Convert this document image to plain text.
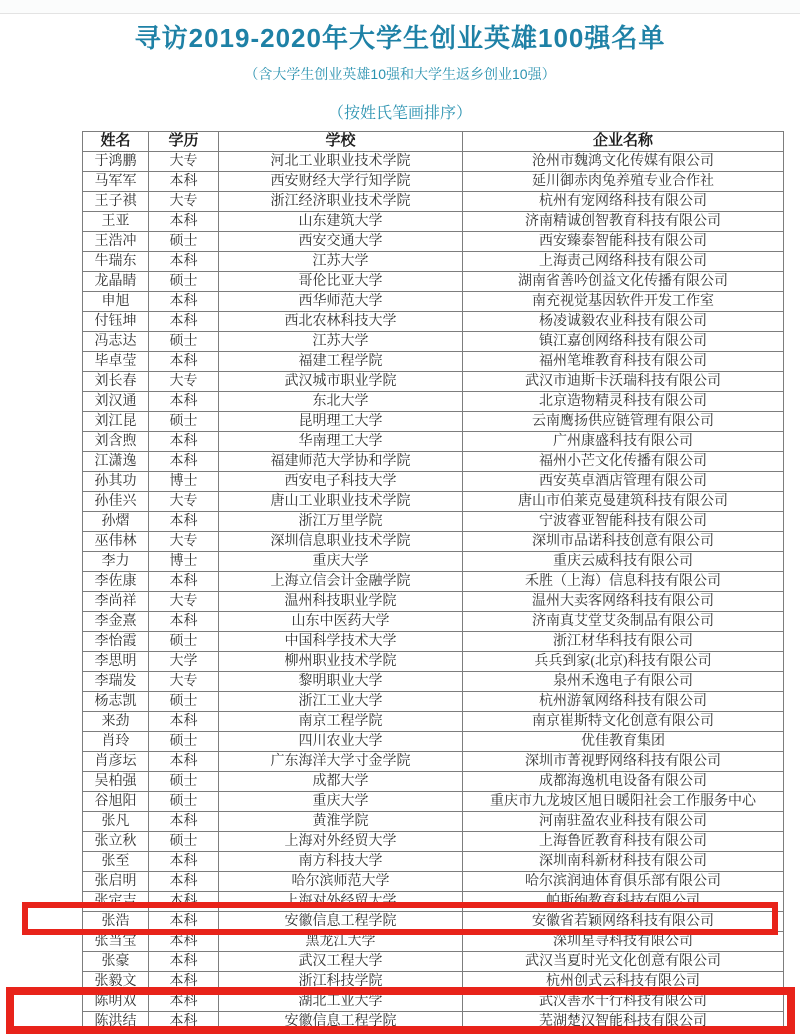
寻访2019-2020年大学生创业英雄100强名单
（含大学生创业英雄10强和大学生返乡创业10强）
（按姓氏笔画排序）
姓名	学历	学校	企业名称
于鸿鹏	大专	河北工业职业技术学院	沧州市魏鸿文化传媒有限公司
马军军	本科	西安财经大学行知学院	延川御赤肉兔养殖专业合作社
王子祺	大专	浙江经济职业技术学院	杭州有宠网络科技有限公司
王亚	本科	山东建筑大学	济南精诚创智教育科技有限公司
王浩冲	硕士	西安交通大学	西安臻泰智能科技有限公司
牛瑞东	本科	江苏大学	上海责己网络科技有限公司
龙晶睛	硕士	哥伦比亚大学	湖南省善吟创益文化传播有限公司
申旭	本科	西华师范大学	南充视觉基因软件开发工作室
付钰坤	本科	西北农林科技大学	杨凌诚毅农业科技有限公司
冯志达	硕士	江苏大学	镇江嘉创网络科技有限公司
毕卓莹	本科	福建工程学院	福州笔堆教育科技有限公司
刘长春	大专	武汉城市职业学院	武汉市迪斯卡沃瑞科技有限公司
刘汉通	本科	东北大学	北京造物精灵科技有限公司
刘江昆	硕士	昆明理工大学	云南鹰扬供应链管理有限公司
刘含煦	本科	华南理工大学	广州康盛科技有限公司
江潇逸	本科	福建师范大学协和学院	福州小芒文化传播有限公司
孙其功	博士	西安电子科技大学	西安英卓酒店管理有限公司
孙佳兴	大专	唐山工业职业技术学院	唐山市伯莱克曼建筑科技有限公司
孙熠	本科	浙江万里学院	宁波睿亚智能科技有限公司
巫伟林	大专	深圳信息职业技术学院	深圳市品诺科技创意有限公司
李力	博士	重庆大学	重庆云威科技有限公司
李佐康	本科	上海立信会计金融学院	禾胜（上海）信息科技有限公司
李尚祥	大专	温州科技职业学院	温州大卖客网络科技有限公司
李金熹	本科	山东中医药大学	济南真艾堂艾灸制品有限公司
李怡霞	硕士	中国科学技术大学	浙江材华科技有限公司
李思明	大学	柳州职业技术学院	兵兵到家(北京)科技有限公司
李瑞发	大专	黎明职业大学	泉州禾逸电子有限公司
杨志凯	硕士	浙江工业大学	杭州游氧网络科技有限公司
来劲	本科	南京工程学院	南京崔斯特文化创意有限公司
肖玲	硕士	四川农业大学	优佳教育集团
肖彦坛	本科	广东海洋大学寸金学院	深圳市菁视野网络科技有限公司
吴柏强	硕士	成都大学	成都海逸机电设备有限公司
谷旭阳	硕士	重庆大学	重庆市九龙坡区旭日暖阳社会工作服务中心
张凡	本科	黄淮学院	河南驻盈农业科技有限公司
张立秋	硕士	上海对外经贸大学	上海鲁匠教育科技有限公司
张至	本科	南方科技大学	深圳南科新材科技有限公司
张启明	本科	哈尔滨师范大学	哈尔滨润迪体育俱乐部有限公司
张定吉	本科	上海对外经贸大学	帕斯绚教育科技有限公司
张浩	本科	安徽信息工程学院	安徽省若颖网络科技有限公司
张当宝	本科	黑龙江大学	深圳星寻科技有限公司
张豪	本科	武汉工程大学	武汉当夏时光文化创意有限公司
张毅文	本科	浙江科技学院	杭州创式云科技有限公司
陈明双	本科	湖北工业大学	武汉善水千行科技有限公司
陈洪结	本科	安徽信息工程学院	芜湖楚汉智能科技有限公司
